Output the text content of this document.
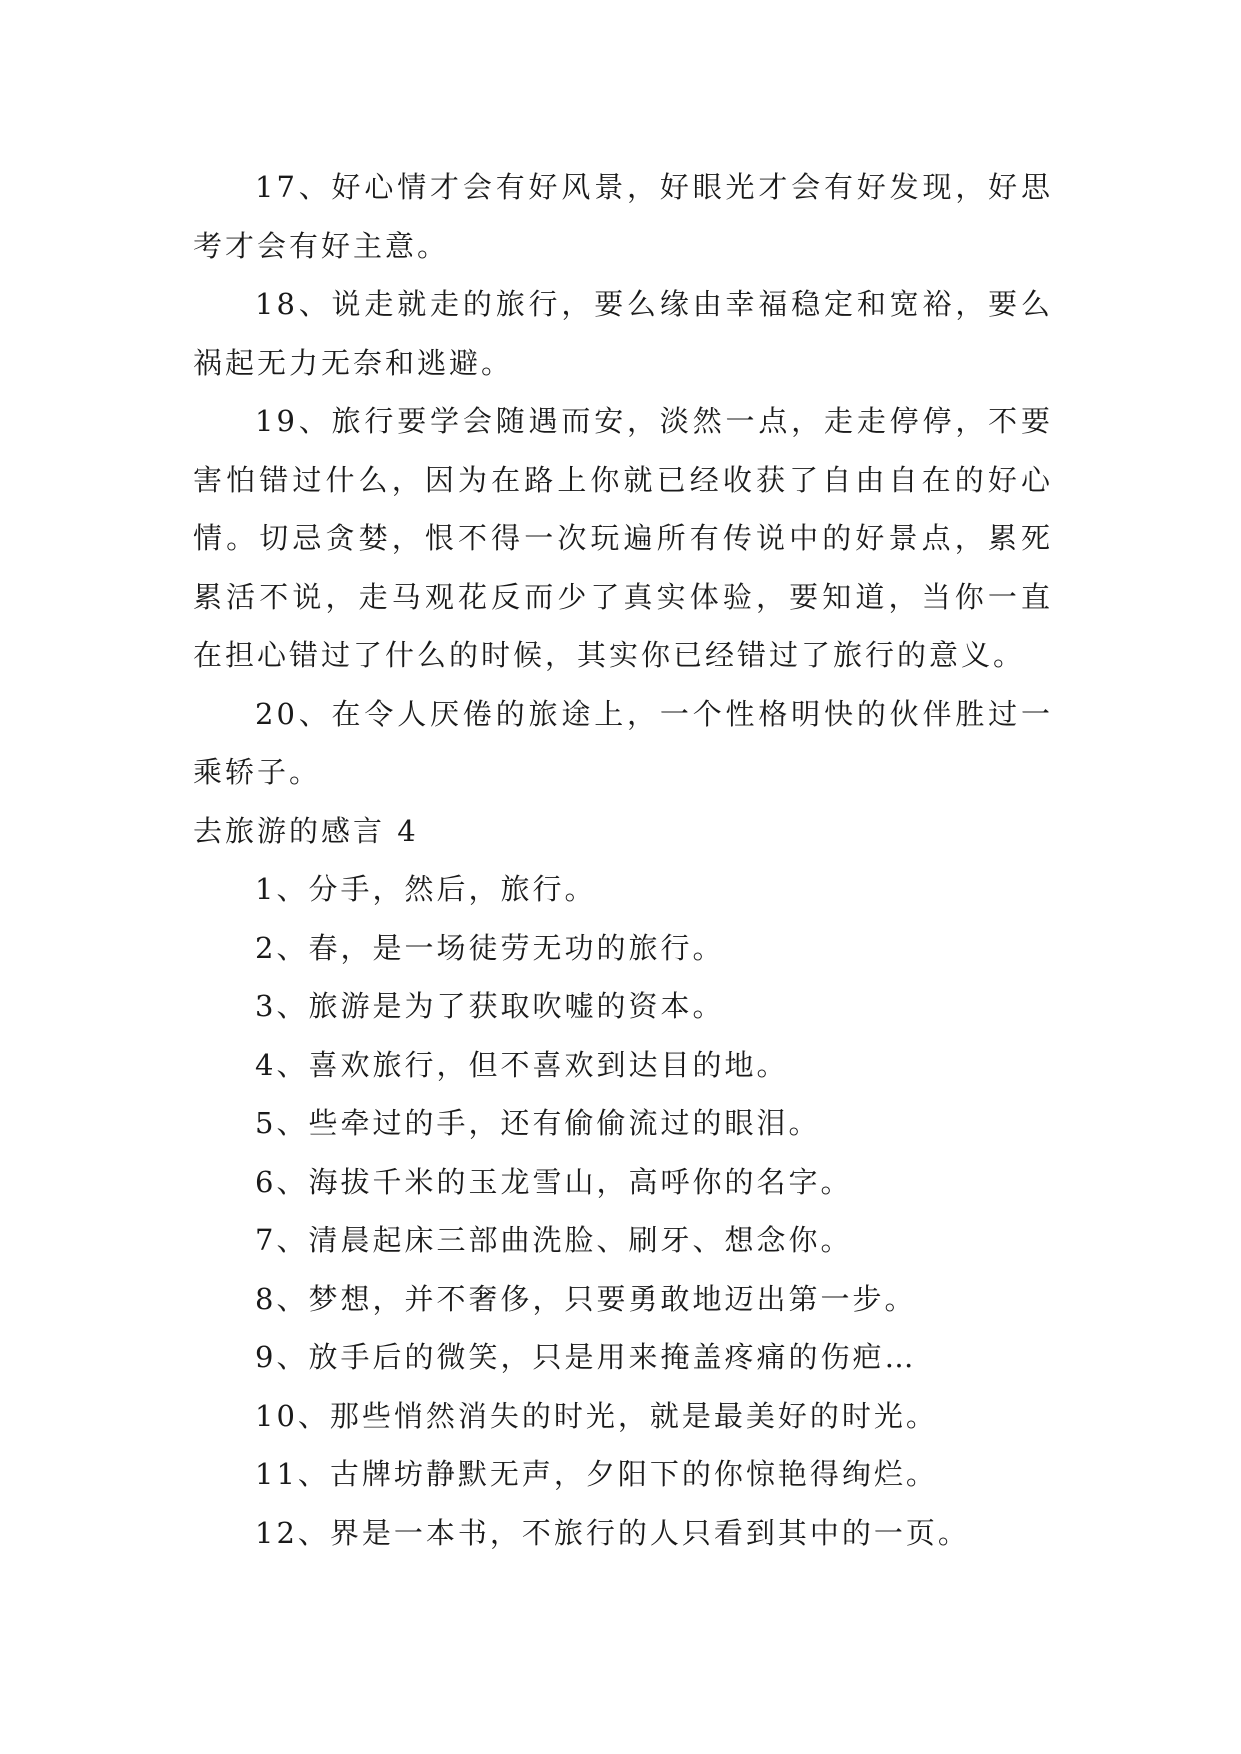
17、好心情才会有好风景，好眼光才会有好发现，好思考才会有好主意。

18、说走就走的旅行，要么缘由幸福稳定和宽裕，要么祸起无力无奈和逃避。

19、旅行要学会随遇而安，淡然一点，走走停停，不要害怕错过什么，因为在路上你就已经收获了自由自在的好心情。切忌贪婪，恨不得一次玩遍所有传说中的好景点，累死累活不说，走马观花反而少了真实体验，要知道，当你一直在担心错过了什么的时候，其实你已经错过了旅行的意义。

20、在令人厌倦的旅途上，一个性格明快的伙伴胜过一乘轿子。

去旅游的感言 4

1、分手，然后，旅行。

2、春，是一场徒劳无功的旅行。

3、旅游是为了获取吹嘘的资本。

4、喜欢旅行，但不喜欢到达目的地。

5、些牵过的手，还有偷偷流过的眼泪。

6、海拔千米的玉龙雪山，高呼你的名字。

7、清晨起床三部曲洗脸、刷牙、想念你。

8、梦想，并不奢侈，只要勇敢地迈出第一步。

9、放手后的微笑，只是用来掩盖疼痛的伤疤…

10、那些悄然消失的时光，就是最美好的时光。

11、古牌坊静默无声，夕阳下的你惊艳得绚烂。

12、界是一本书，不旅行的人只看到其中的一页。
